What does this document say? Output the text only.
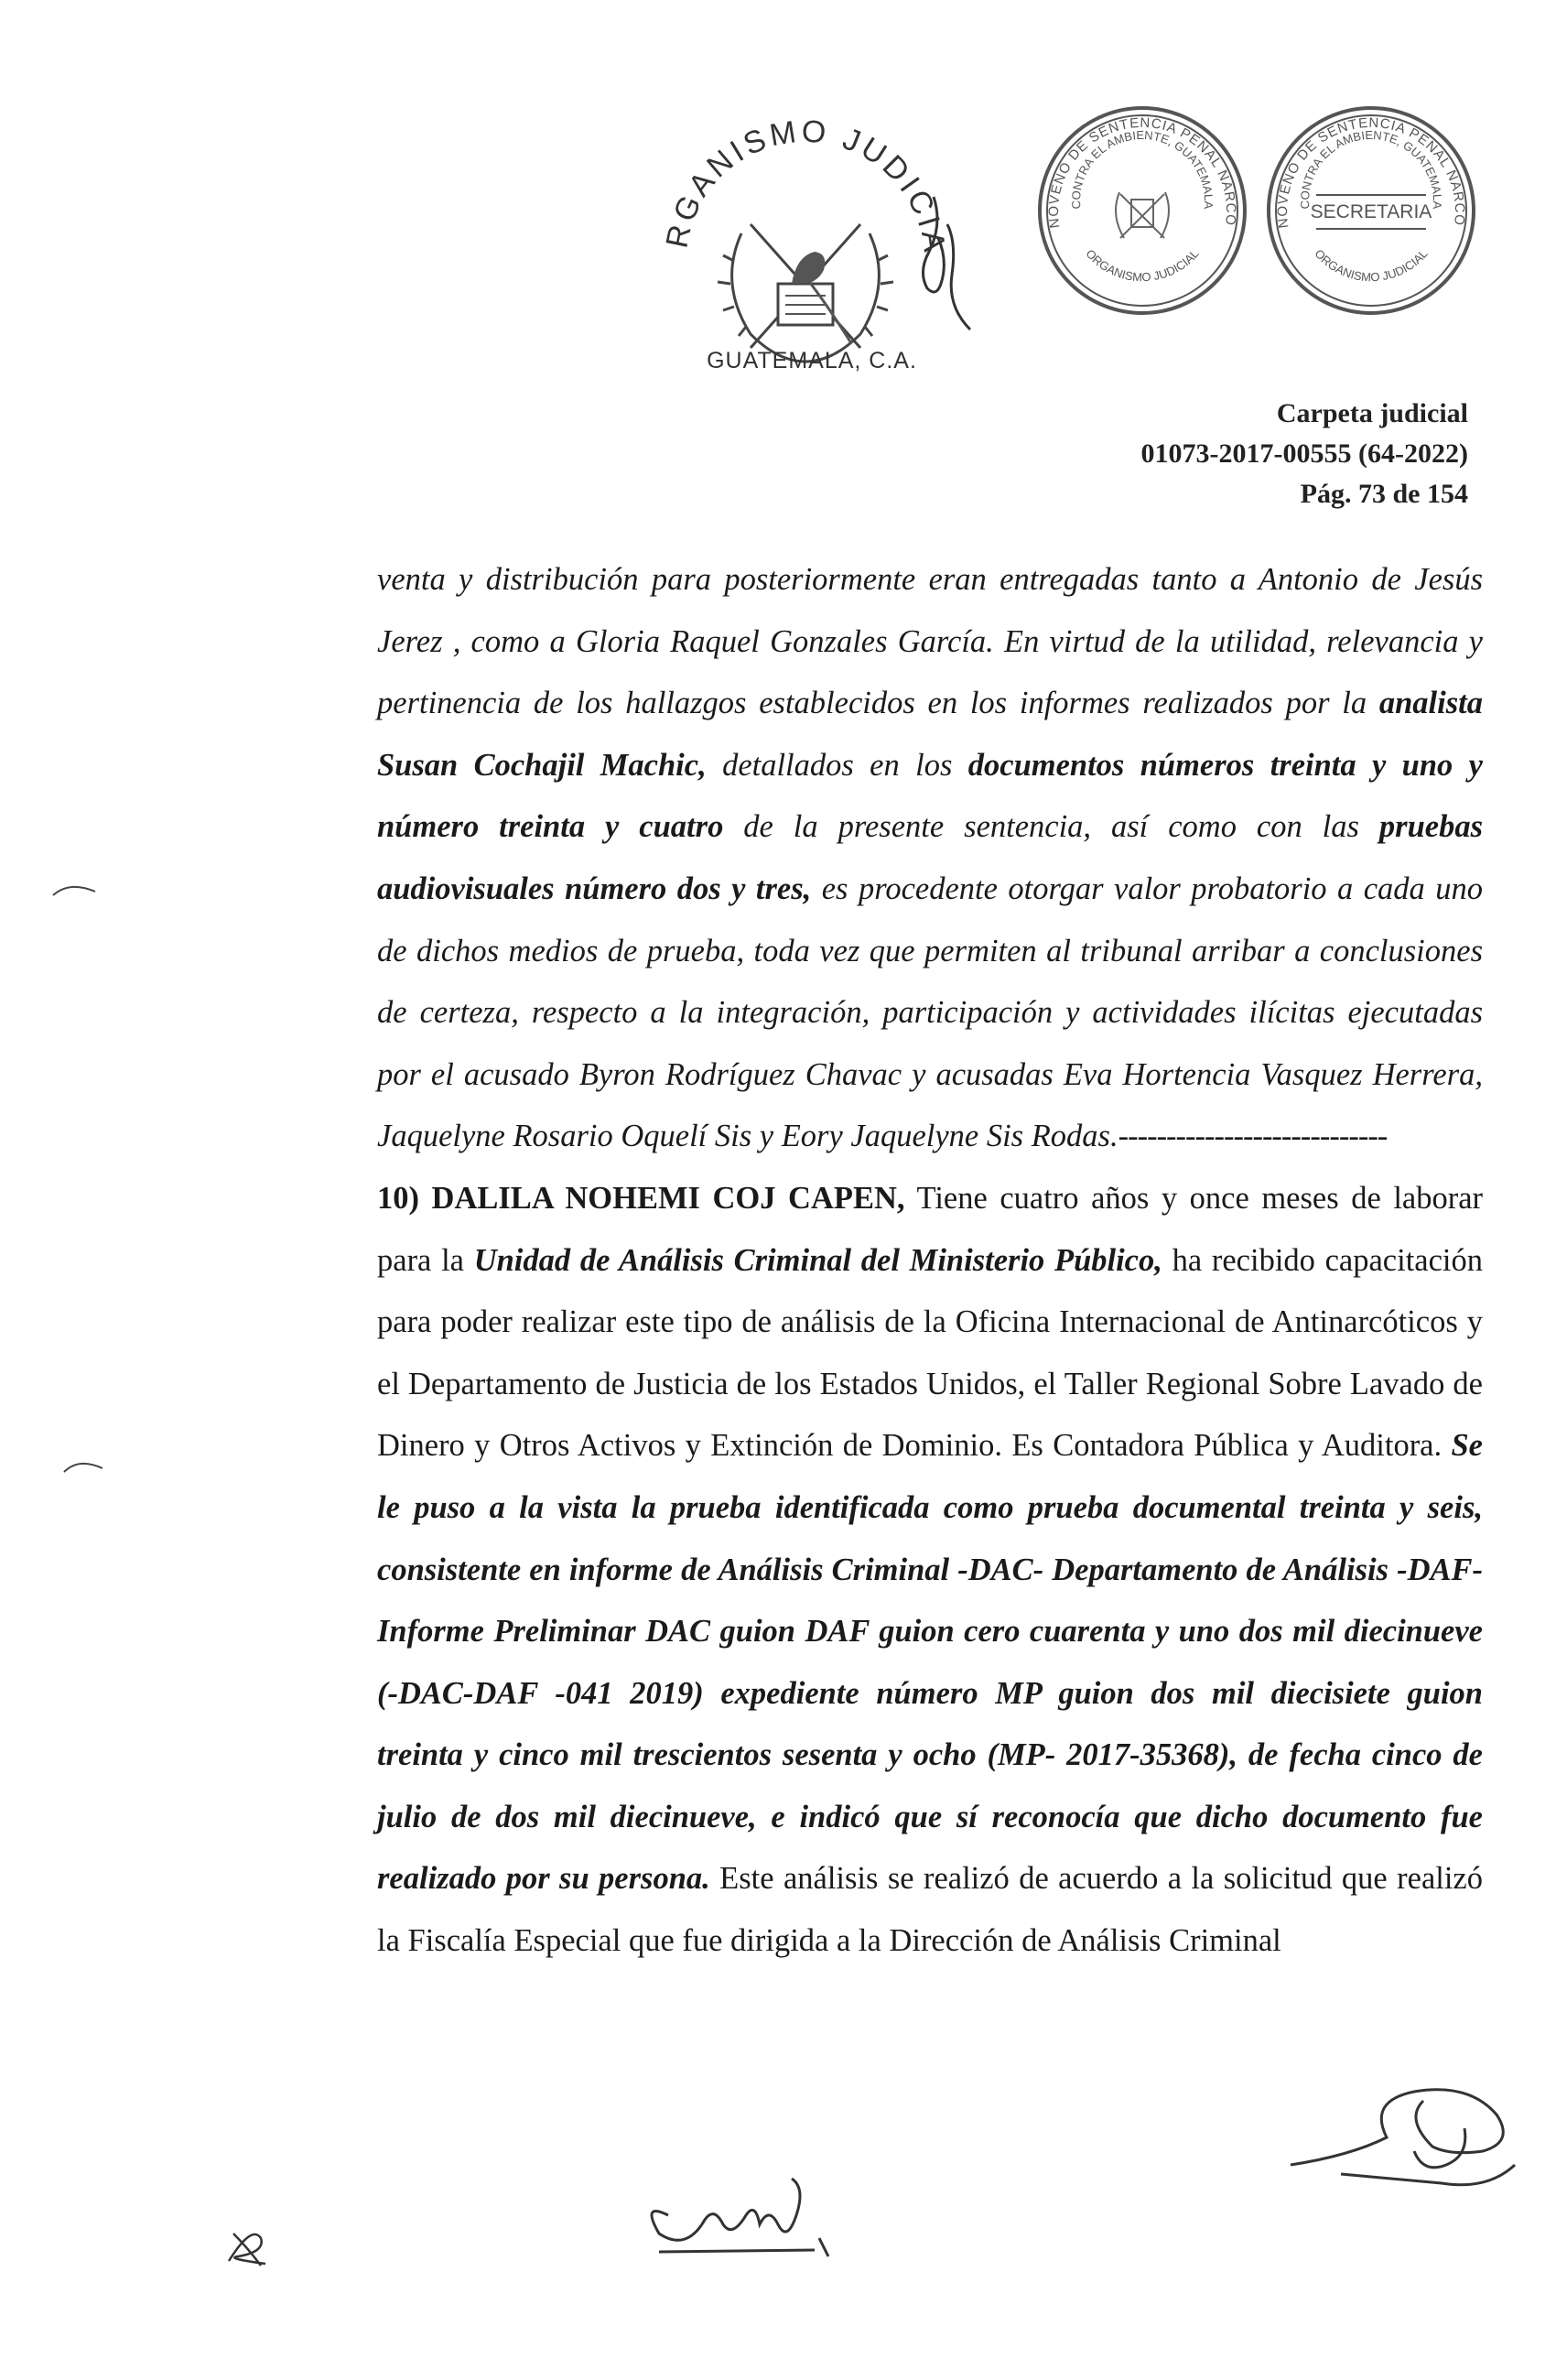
RGANISMO JUDICIA
GUATEMALA, C.A.
NOVENO DE SENTENCIA PENAL NARCO
CONTRA EL AMBIENTE, GUATEMALA
ORGANISMO JUDICIAL
NOVENO DE SENTENCIA PENAL NARCO
CONTRA EL AMBIENTE, GUATEMALA
SECRETARIA
ORGANISMO JUDICIAL
Carpeta judicial
01073-2017-00555 (64-2022)
Pág. 73 de 154

venta y distribución para posteriormente eran entregadas tanto a Antonio de Jesús Jerez , como a Gloria Raquel Gonzales García. En virtud de la utilidad, relevancia y pertinencia de los hallazgos establecidos en los informes realizados por la analista Susan Cochajil Machic, detallados en los documentos números treinta y uno y número treinta y cuatro de la presente sentencia, así como con las pruebas audiovisuales número dos y tres, es procedente otorgar valor probatorio a cada uno de dichos medios de prueba, toda vez que permiten al tribunal arribar a conclusiones de certeza, respecto a la integración, participación y actividades ilícitas ejecutadas por el acusado Byron Rodríguez Chavac y acusadas Eva Hortencia Vasquez Herrera, Jaquelyne Rosario Oquelí Sis y Eory Jaquelyne Sis Rodas.----------------------------

10) DALILA NOHEMI COJ CAPEN, Tiene cuatro años y once meses de laborar para la Unidad de Análisis Criminal del Ministerio Público, ha recibido capacitación para poder realizar este tipo de análisis de la Oficina Internacional de Antinarcóticos y el Departamento de Justicia de los Estados Unidos, el Taller Regional Sobre Lavado de Dinero y Otros Activos y Extinción de Dominio. Es Contadora Pública y Auditora. Se le puso a la vista la prueba identificada como prueba documental treinta y seis, consistente en informe de Análisis Criminal -DAC- Departamento de Análisis -DAF- Informe Preliminar DAC guion DAF guion cero cuarenta y uno dos mil diecinueve (-DAC-DAF -041 2019) expediente número MP guion dos mil diecisiete guion treinta y cinco mil trescientos sesenta y ocho (MP- 2017-35368), de fecha cinco de julio de dos mil diecinueve, e indicó que sí reconocía que dicho documento fue realizado por su persona. Este análisis se realizó de acuerdo a la solicitud que realizó la Fiscalía Especial que fue dirigida a la Dirección de Análisis Criminal
